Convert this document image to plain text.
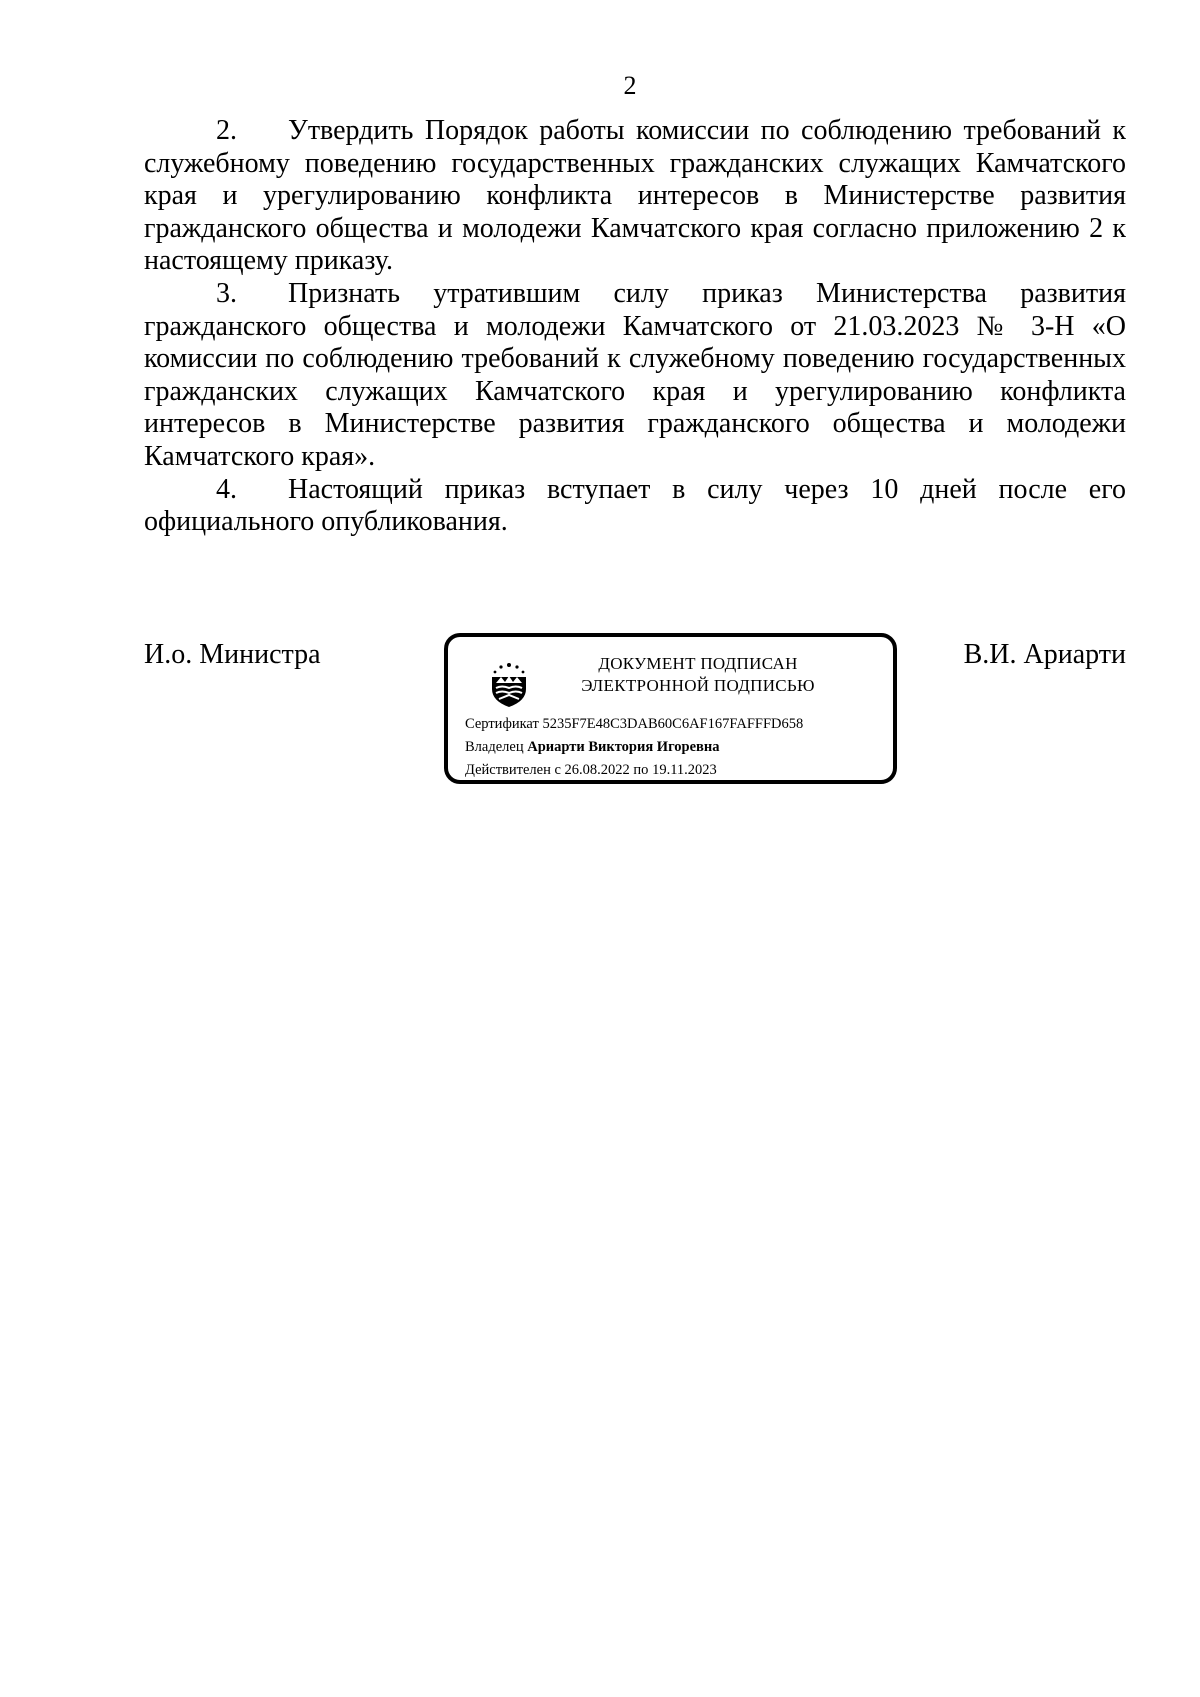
2

2. Утвердить Порядок работы комиссии по соблюдению требований к служебному поведению государственных гражданских служащих Камчатского края и урегулированию конфликта интересов в Министерстве развития гражданского общества и молодежи Камчатского края согласно приложению 2 к настоящему приказу.

3. Признать утратившим силу приказ Министерства развития гражданского общества и молодежи Камчатского от 21.03.2023 № 3-Н «О комиссии по соблюдению требований к служебному поведению государственных гражданских служащих Камчатского края и урегулированию конфликта интересов в Министерстве развития гражданского общества и молодежи Камчатского края».

4. Настоящий приказ вступает в силу через 10 дней после его официального опубликования.

И.о. Министра	ДОКУМЕНТ ПОДПИСАН
ЭЛЕКТРОННОЙ ПОДПИСЬЮ
Сертификат 5235F7E48C3DAB60C6AF167FAFFFD658
Владелец Ариарти Виктория Игоревна
Действителен с 26.08.2022 по 19.11.2023
В.И. Ариарти
